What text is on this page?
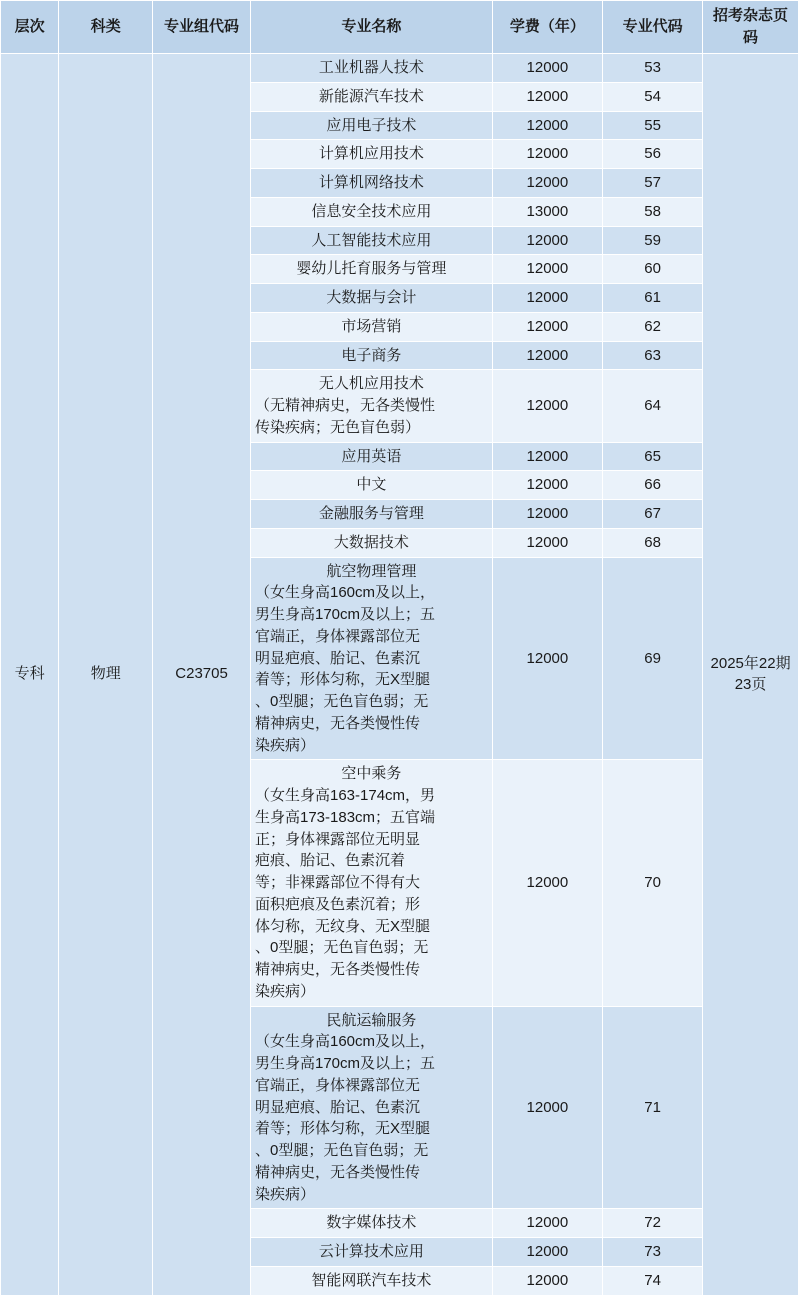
层次	科类	专业组代码	专业名称	学费（年）	专业代码	招考杂志页码
专科	物理	C23705	工业机器人技术	12000	53	2025年22期23页
			新能源汽车技术	12000	54	
			应用电子技术	12000	55	
			计算机应用技术	12000	56	
			计算机网络技术	12000	57	
			信息安全技术应用	13000	58	
			人工智能技术应用	12000	59	
			婴幼儿托育服务与管理	12000	60	
			大数据与会计	12000	61	
			市场营销	12000	62	
			电子商务	12000	63	

			无人机应用技术
（无精神病史，无各类慢性
传染疾病；无色盲色弱）	12000	64	
			应用英语	12000	65	
			中文	12000	66	
			金融服务与管理	12000	67	
			大数据技术	12000	68	

航空物理管理
（女生身高160cm及以上，
男生身高170cm及以上；五
官端正，身体裸露部位无
明显疤痕、胎记、色素沉
着等；形体匀称，无X型腿
、0型腿；无色盲色弱；无
精神病史，无各类慢性传
染疾病）
	12000	69

空中乘务
（女生身高163-174cm，男
生身高173-183cm；五官端
正；身体裸露部位无明显
疤痕、胎记、色素沉着
等；非裸露部位不得有大
面积疤痕及色素沉着；形
体匀称，无纹身、无X型腿
、0型腿；无色盲色弱；无
精神病史，无各类慢性传
染疾病）
	12000	70

民航运输服务
（女生身高160cm及以上，
男生身高170cm及以上；五
官端正，身体裸露部位无
明显疤痕、胎记、色素沉
着等；形体匀称，无X型腿
、0型腿；无色盲色弱；无
精神病史，无各类慢性传
染疾病）
	12000	71
			数字媒体技术	12000	72	
			云计算技术应用	12000	73	
			智能网联汽车技术	12000	74	
